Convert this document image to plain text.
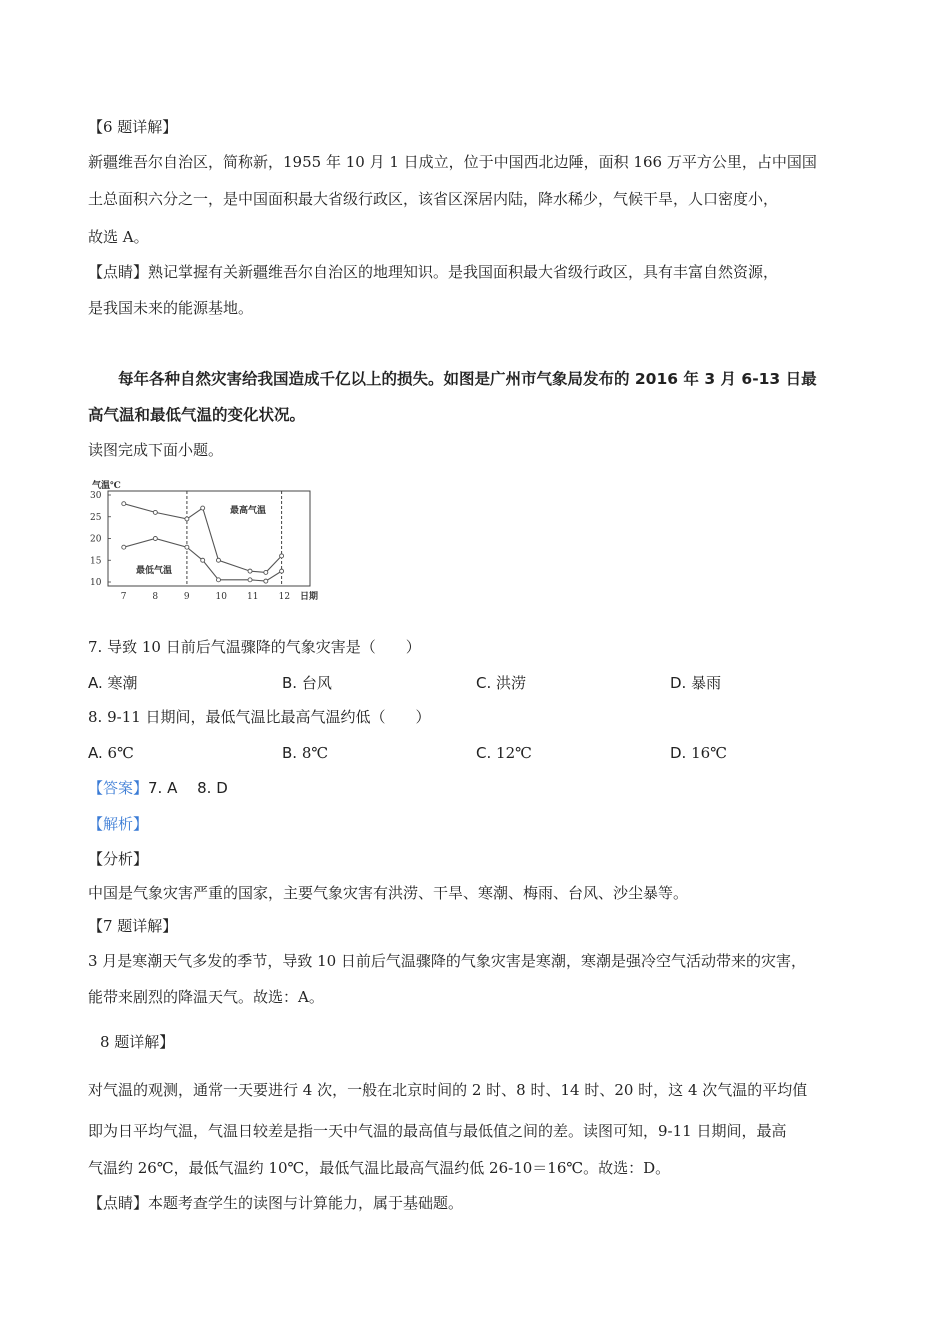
【6 题详解】
新疆维吾尔自治区，简称新，1955 年 10 月 1 日成立，位于中国西北边陲，面积 166 万平方公里，占中国国
土总面积六分之一，是中国面积最大省级行政区，该省区深居内陆，降水稀少，气候干旱，人口密度小，
故选 A。
【点睛】熟记掌握有关新疆维吾尔自治区的地理知识。是我国面积最大省级行政区，具有丰富自然资源，
是我国未来的能源基地。
每年各种自然灾害给我国造成千亿以上的损失。如图是广州市气象局发布的 2016 年 3 月 6-13 日最
高气温和最低气温的变化状况。
读图完成下面小题。
气温℃
日期
30
25
20
15
10
7	8	9	10 11 12
最高气温
最低气温
7. 导致 10 日前后气温骤降的气象灾害是（　　）
A. 寒潮	B. 台风	C. 洪涝	D. 暴雨
8. 9-11 日期间，最低气温比最高气温约低（　　）
A. 6℃	B. 8℃	C. 12℃	D. 16℃
【答案】7. A　 8. D
【解析】
【分析】
中国是气象灾害严重的国家，主要气象灾害有洪涝、干旱、寒潮、梅雨、台风、沙尘暴等。
【7 题详解】
3 月是寒潮天气多发的季节，导致 10 日前后气温骤降的气象灾害是寒潮，寒潮是强冷空气活动带来的灾害，
能带来剧烈的降温天气。故选：A。
8 题详解】
对气温的观测，通常一天要进行 4 次，一般在北京时间的 2 时、8 时、14 时、20 时，这 4 次气温的平均值
即为日平均气温，气温日较差是指一天中气温的最高值与最低值之间的差。读图可知，9-11 日期间，最高
气温约 26℃，最低气温约 10℃，最低气温比最高气温约低 26-10＝16℃。故选：D。
【点睛】本题考查学生的读图与计算能力，属于基础题。
